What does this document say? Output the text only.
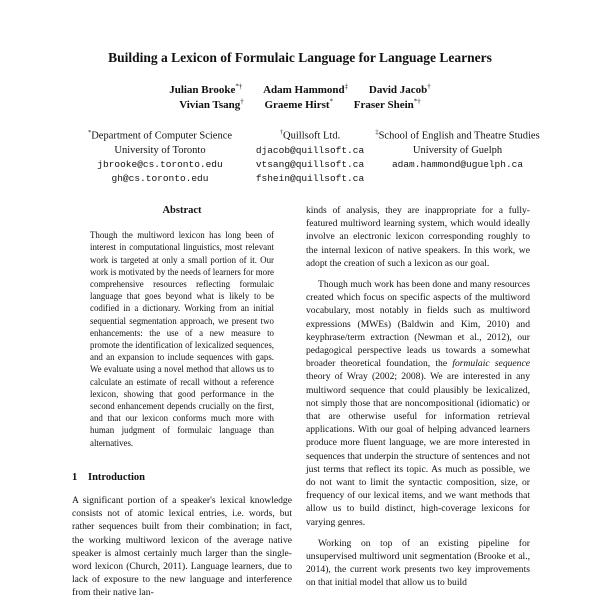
Building a Lexicon of Formulaic Language for Language Learners
Julian Brooke*† Adam Hammond‡ David Jacob†
Vivian Tsang† Graeme Hirst* Fraser Shein*†
*Department of Computer Science
University of Toronto
jbrooke@cs.toronto.edu
gh@cs.toronto.edu
†Quillsoft Ltd.
djacob@quillsoft.ca
vtsang@quillsoft.ca
fshein@quillsoft.ca
‡School of English and Theatre Studies
University of Guelph
adam.hammond@uguelph.ca
Abstract
Though the multiword lexicon has long been of interest in computational linguistics, most relevant work is targeted at only a small portion of it. Our work is motivated by the needs of learners for more comprehensive resources reflecting formulaic language that goes beyond what is likely to be codified in a dictionary. Working from an initial sequential segmentation approach, we present two enhancements: the use of a new measure to promote the identification of lexicalized sequences, and an expansion to include sequences with gaps. We evaluate using a novel method that allows us to calculate an estimate of recall without a reference lexicon, showing that good performance in the second enhancement depends crucially on the first, and that our lexicon conforms much more with human judgment of formulaic language than alternatives.
1 Introduction

A significant portion of a speaker's lexical knowledge consists not of atomic lexical entries, i.e. words, but rather sequences built from their combination; in fact, the working multiword lexicon of the average native speaker is almost certainly much larger than the single-word lexicon (Church, 2011). Language learners, due to lack of exposure to the new language and interference from their native lan-

kinds of analysis, they are inappropriate for a fully-featured multiword learning system, which would ideally involve an electronic lexicon corresponding roughly to the internal lexicon of native speakers. In this work, we adopt the creation of such a lexicon as our goal.

Though much work has been done and many resources created which focus on specific aspects of the multiword vocabulary, most notably in fields such as multiword expressions (MWEs) (Baldwin and Kim, 2010) and keyphrase/term extraction (Newman et al., 2012), our pedagogical perspective leads us towards a somewhat broader theoretical foundation, the formulaic sequence theory of Wray (2002; 2008). We are interested in any multiword sequence that could plausibly be lexicalized, not simply those that are noncompositional (idiomatic) or that are otherwise useful for information retrieval applications. With our goal of helping advanced learners produce more fluent language, we are more interested in sequences that underpin the structure of sentences and not just terms that reflect its topic. As much as possible, we do not want to limit the syntactic composition, size, or frequency of our lexical items, and we want methods that allow us to build distinct, high-coverage lexicons for varying genres.

Working on top of an existing pipeline for unsupervised multiword unit segmentation (Brooke et al., 2014), the current work presents two key improvements on that initial model that allow us to build
